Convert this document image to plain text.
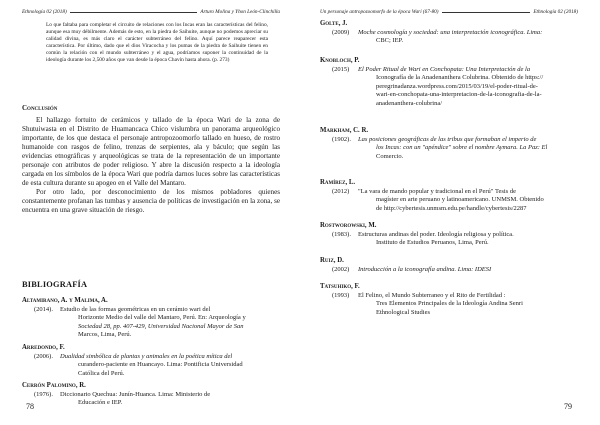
Ethnología 02 (2018)	Arturo Molina y Yhon León-Clinchilla
Lo que faltaba para completar el circuito de relaciones con los Incas eran las características del felino, aunque esa muy débilmente. Además de esto, en la piedra de Saihuite, aunque no podemos apreciar su calidad divina, es más claro el carácter subterráneo del felino. Aquí parece reaparecer esta característica. Por último, dado que el dios Viracocha y los pumas de la piedra de Saihuite tienen en común la relación con el mundo subterráneo y el agua, podríamos suponer la continuidad de la ideología durante los 2,500 años que van desde la época Chavín hasta ahora. (p. 273)
Conclusión

El hallazgo fortuito de cerámicos y tallado de la época Wari de la zona de Shutuiwasta en el Distrito de Huamancaca Chico vislumbra un panorama arqueológico importante, de los que destaca el personaje antropozoomorfo tallado en hueso, de rostro humanoide con rasgos de felino, trenzas de serpientes, ala y báculo; que según las evidencias etnográficas y arqueológicas se trata de la representación de un importante personaje con atributos de poder religioso. Y abre la discusión respecto a la ideología cargada en los símbolos de la época Wari que podría darnos luces sobre las características de esta cultura durante su apogeo en el Valle del Mantaro.

Por otro lado, por desconocimiento de los mismos pobladores quienes constantemente profanan las tumbas y ausencia de políticas de investigación en la zona, se encuentra en una grave situación de riesgo.

BIBLIOGRAFÍA
Altamirano, A. y Malima, A.
(2014).	Estudio de las formas geométricas en un cerámio wari del
Horizonte Medio del valle del Mantaro, Perú. En: Arqueología y
Sociedad 28, pp. 407-429, Universidad Nacional Mayor de San
Marcos, Lima, Perú.
Arredondo, F.
(2006).	Dualidad simbólica de plantas y animales en la poética mítica del
curandero-paciente en Huancayo. Lima: Pontificia Universidad
Católica del Perú.
Cerrón Palomino, R.
(1976).	Diccionario Quechua: Junín-Huanca. Lima: Ministerio de
Educación e IEP.
78
Un personaje antropozoomorfo de la época Wari (67-80)	Ethnología 02 (2018)
Golte, J.
(2009)	Moche cosmología y sociedad: una interpretación iconográfica. Lima:
CBC; IEP.
Knobloch, P.
(2015)	El Poder Ritual de Wari en Conchopata: Una Interpretación de la
Iconografía de la Anadenanthera Colubrina. Obtenido de https://
peregrinadanza.wordpress.com/2015/03/19/el-poder-ritual-de-
wari-en-conchopata-una-interpretacion-de-la-iconografia-de-la-
anadenanthera-colubrina/
Markham, C. R.
(1902).	Las posiciones geográficas de las tribus que formaban el imperio de
los Incas: con un "apéndice" sobre el nombre Aymara. La Paz: El
Comercio.
Ramírez, L.
(2012)	"La vara de mando popular y tradicional en el Perú" Tesis de
magíster en arte peruano y latinoamericano. UNMSM. Obtenido
de http://cybertesis.unmsm.edu.pe/handle/cybertesis/2287
Rostworowski, M.
(1983).	Estructuras andinas del poder. Ideología religiosa y política.
Instituto de Estudios Peruanos, Lima, Perú.
Ruiz, D.
(2002)	Introducción a la iconografía andina. Lima: IDESI
Tatsuhiko, F.
(1993)	El Felino, el Mundo Subterraneo y el Rito de Fertilidad :
Tres Elementos Principales de la Ideología Andina Senri
Ethnological Studies
79
